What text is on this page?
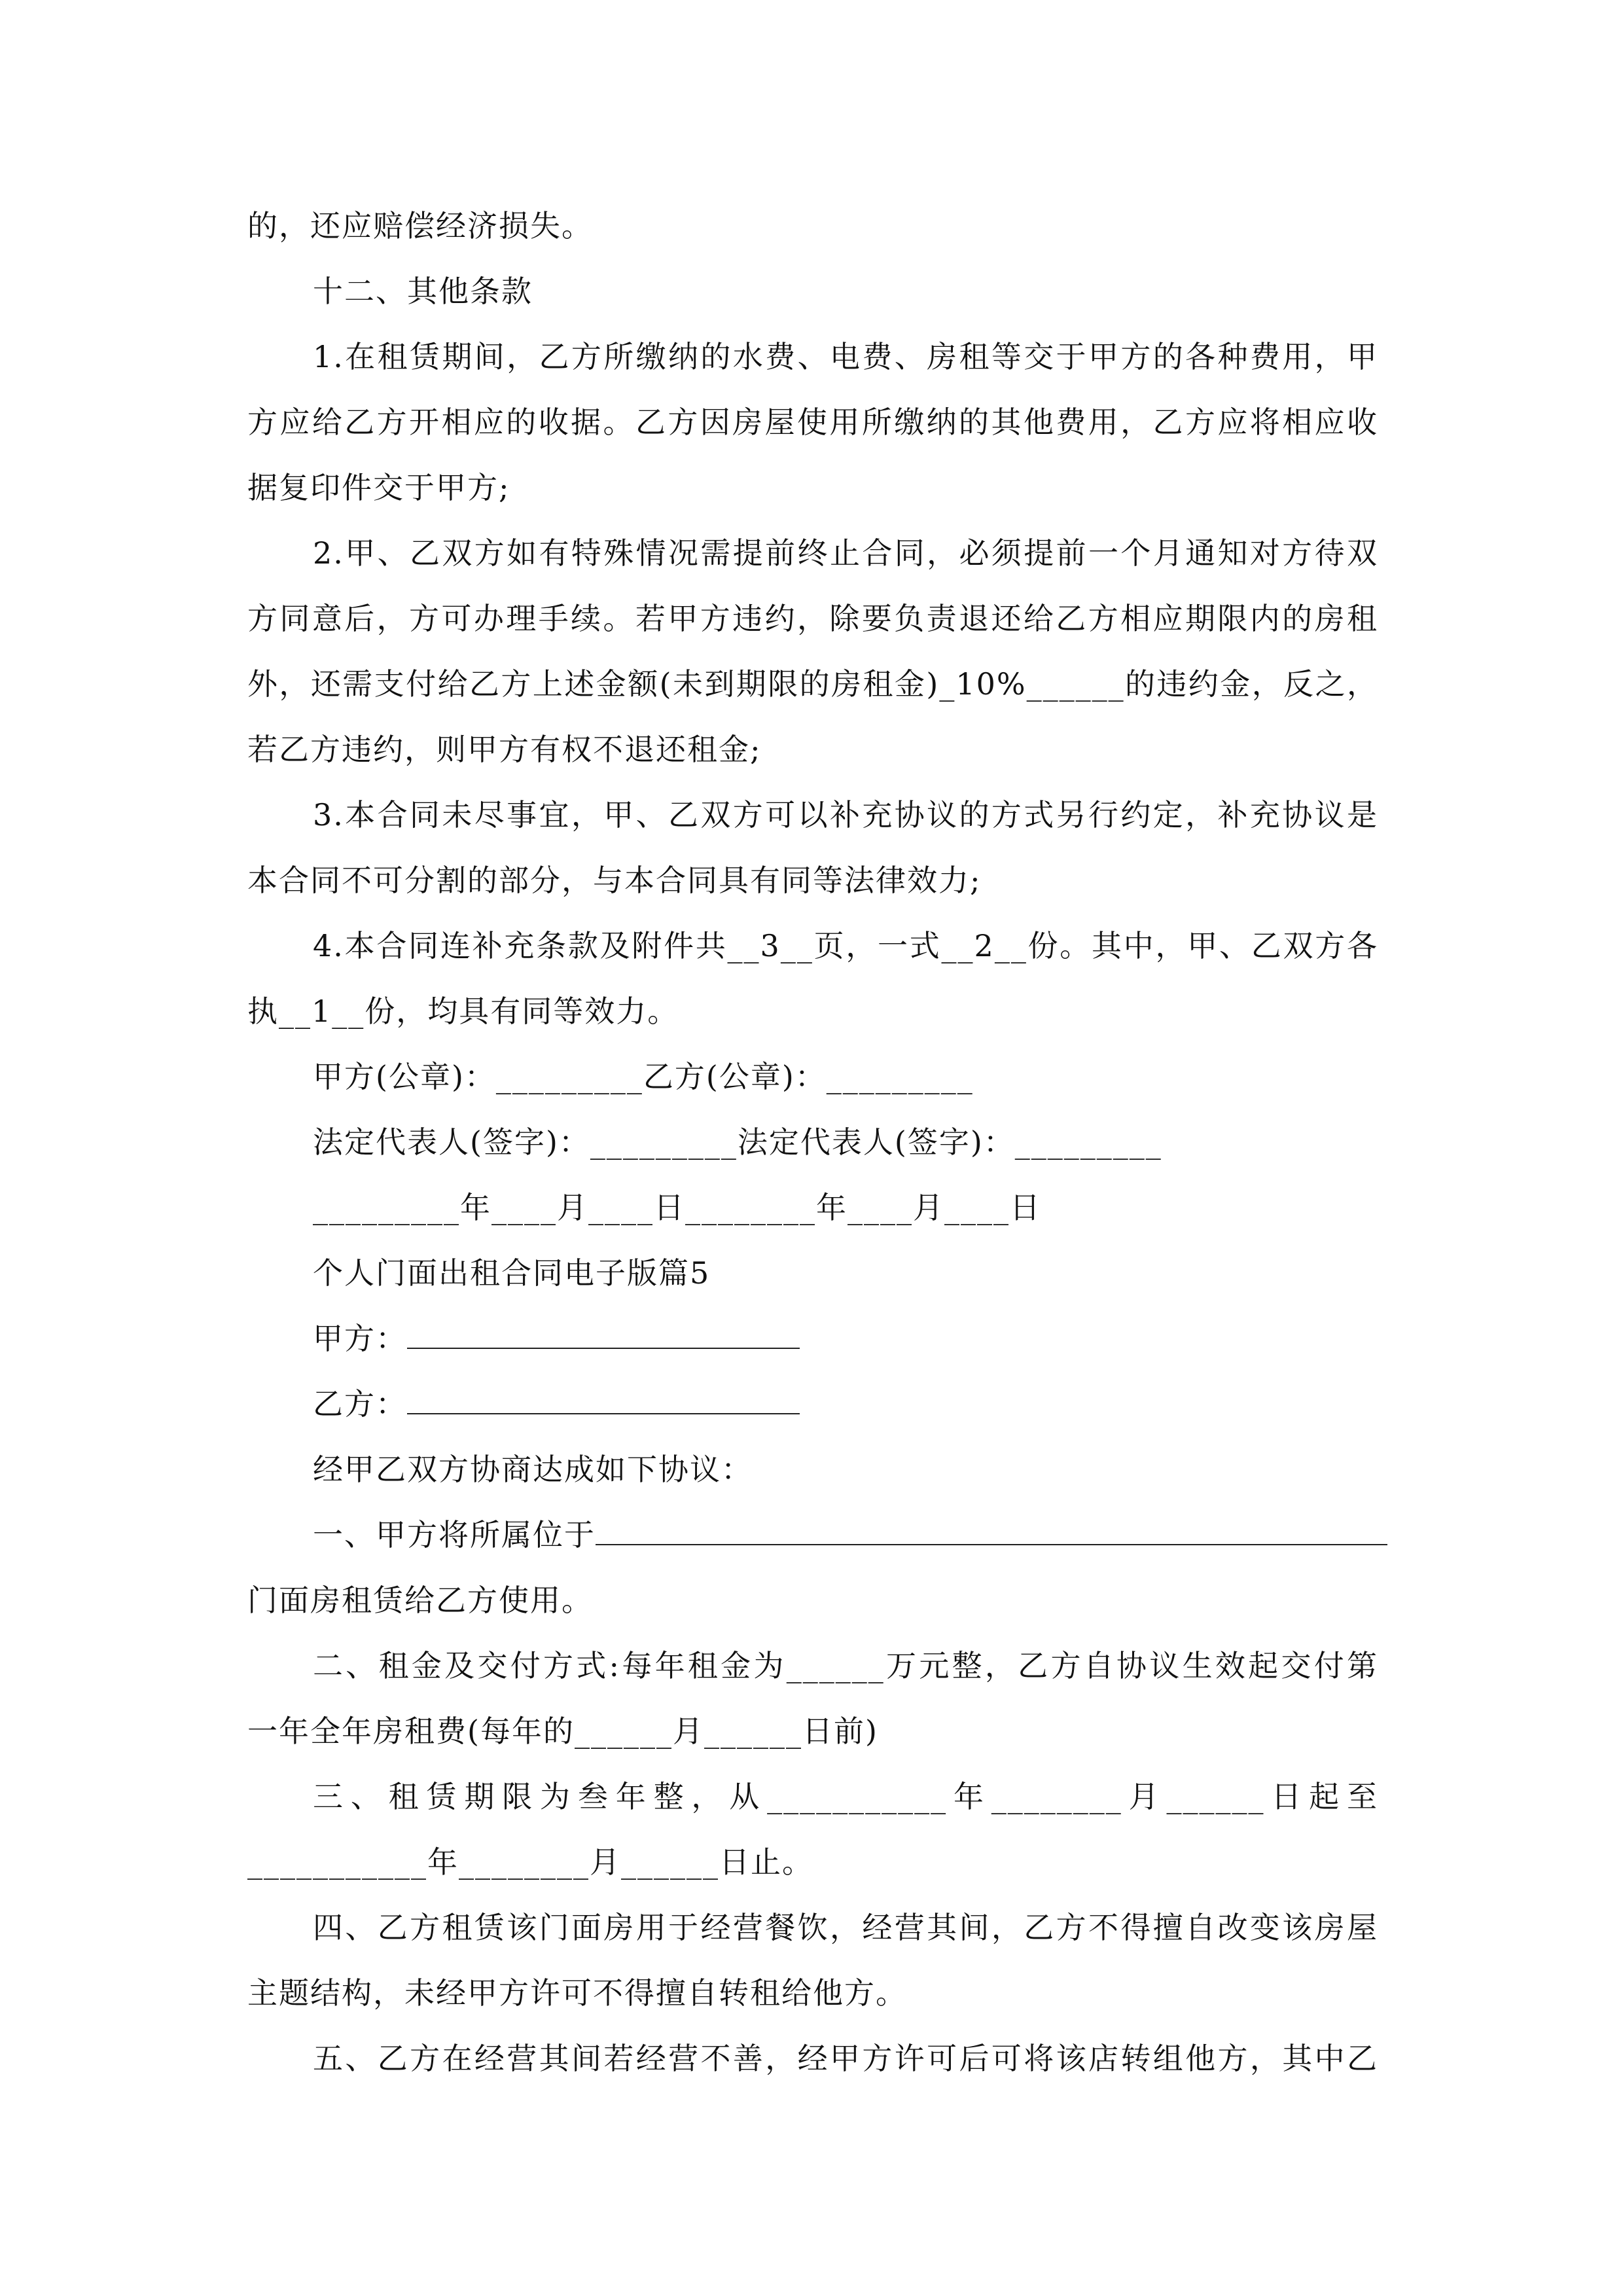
的，还应赔偿经济损失。
十二、其他条款
1.在租赁期间，乙方所缴纳的水费、电费、房租等交于甲方的各种费用，甲
方应给乙方开相应的收据。乙方因房屋使用所缴纳的其他费用，乙方应将相应收
据复印件交于甲方;
2.甲、乙双方如有特殊情况需提前终止合同，必须提前一个月通知对方待双
方同意后，方可办理手续。若甲方违约，除要负责退还给乙方相应期限内的房租
外，还需支付给乙方上述金额(未到期限的房租金)_10%______的违约金，反之，
若乙方违约，则甲方有权不退还租金;
3.本合同未尽事宜，甲、乙双方可以补充协议的方式另行约定，补充协议是
本合同不可分割的部分，与本合同具有同等法律效力;
4.本合同连补充条款及附件共__3__页，一式__2__份。其中，甲、乙双方各
执__1__份，均具有同等效力。
甲方(公章)：_________乙方(公章)：_________
法定代表人(签字)：_________法定代表人(签字)：_________
_________年____月____日________年____月____日
个人门面出租合同电子版篇5
甲方：
乙方：
经甲乙双方协商达成如下协议：
一、甲方将所属位于
门面房租赁给乙方使用。
二、租金及交付方式:每年租金为______万元整，乙方自协议生效起交付第
一年全年房租费(每年的______月______日前)
三、租赁期限为叁年整，从___________年________月______日起至
___________年________月______日止。
四、乙方租赁该门面房用于经营餐饮，经营其间，乙方不得擅自改变该房屋
主题结构，未经甲方许可不得擅自转租给他方。
五、乙方在经营其间若经营不善，经甲方许可后可将该店转组他方，其中乙
